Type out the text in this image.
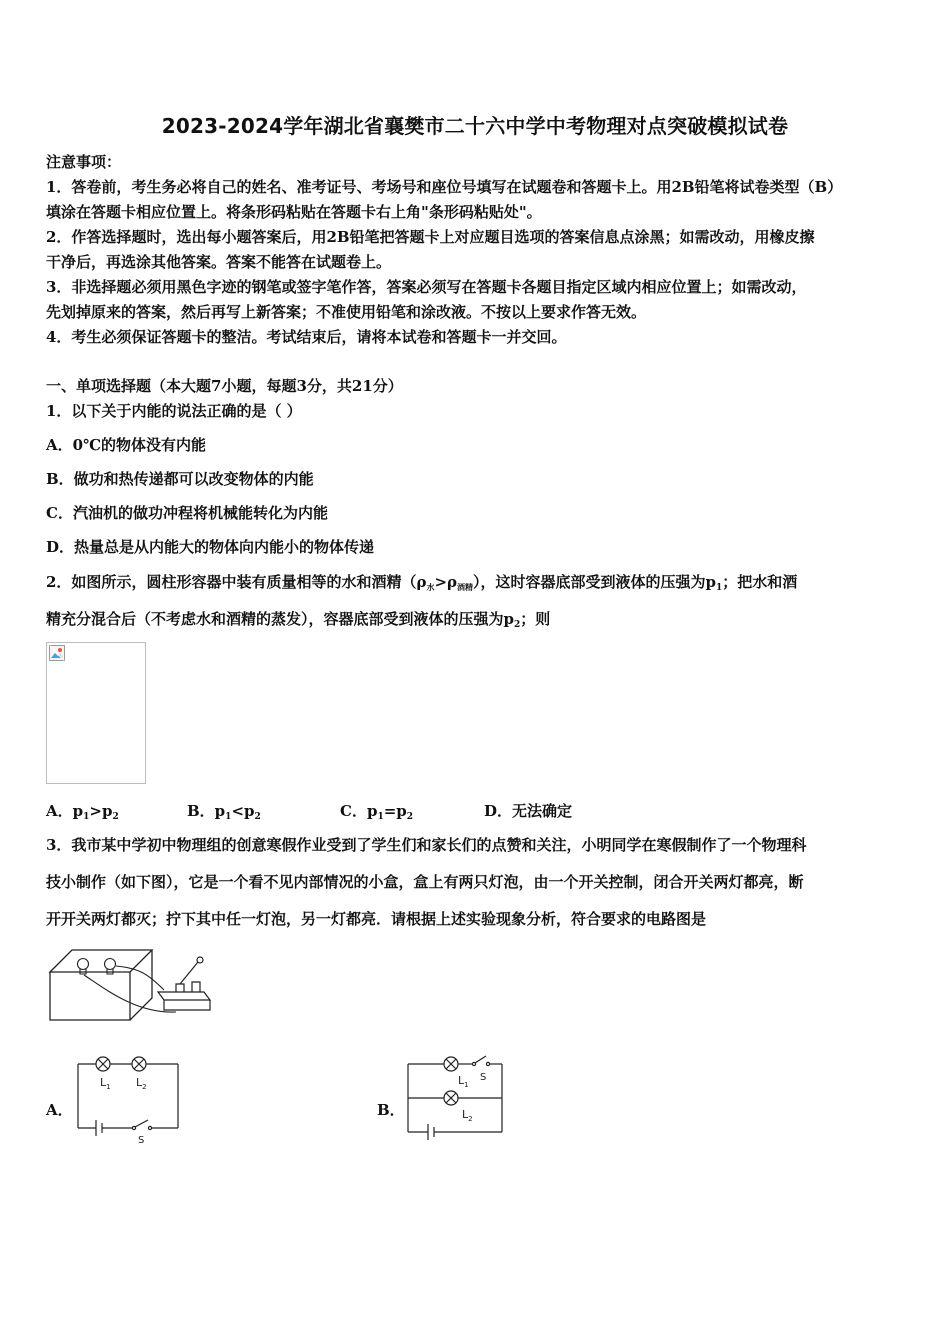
2023-2024学年湖北省襄樊市二十六中学中考物理对点突破模拟试卷
注意事项：
1．答卷前，考生务必将自己的姓名、准考证号、考场号和座位号填写在试题卷和答题卡上。用2B铅笔将试卷类型（B）
填涂在答题卡相应位置上。将条形码粘贴在答题卡右上角"条形码粘贴处"。
2．作答选择题时，选出每小题答案后，用2B铅笔把答题卡上对应题目选项的答案信息点涂黑；如需改动，用橡皮擦
干净后，再选涂其他答案。答案不能答在试题卷上。
3．非选择题必须用黑色字迹的钢笔或签字笔作答，答案必须写在答题卡各题目指定区域内相应位置上；如需改动，
先划掉原来的答案，然后再写上新答案；不准使用铅笔和涂改液。不按以上要求作答无效。
4．考生必须保证答题卡的整洁。考试结束后，请将本试卷和答题卡一并交回。
一、单项选择题（本大题7小题，每题3分，共21分）
1．以下关于内能的说法正确的是（ ）
A．0℃的物体没有内能
B．做功和热传递都可以改变物体的内能
C．汽油机的做功冲程将机械能转化为内能
D．热量总是从内能大的物体向内能小的物体传递
2．如图所示，圆柱形容器中装有质量相等的水和酒精$(\rho_水>\rho_{酒精})$，这时容器底部受到液体的压强为$p_1$；把水和酒
精充分混合后（不考虑水和酒精的蒸发），容器底部受到液体的压强为$p_2$；则
A．$p_1>p_2$	B．$p_1<p_2$	C．$p_1=p_2$	D．无法确定
3．我市某中学初中物理组的创意寒假作业受到了学生们和家长们的点赞和关注，小明同学在寒假制作了一个物理科
技小制作（如下图），它是一个看不见内部情况的小盒，盒上有两只灯泡，由一个开关控制，闭合开关两灯都亮，断
开开关两灯都灭；拧下其中任一灯泡，另一灯都亮．请根据上述实验现象分析，符合要求的电路图是
A．
$L_1$ $L_2$
S
B．
$L_1$
S
$L_2$
